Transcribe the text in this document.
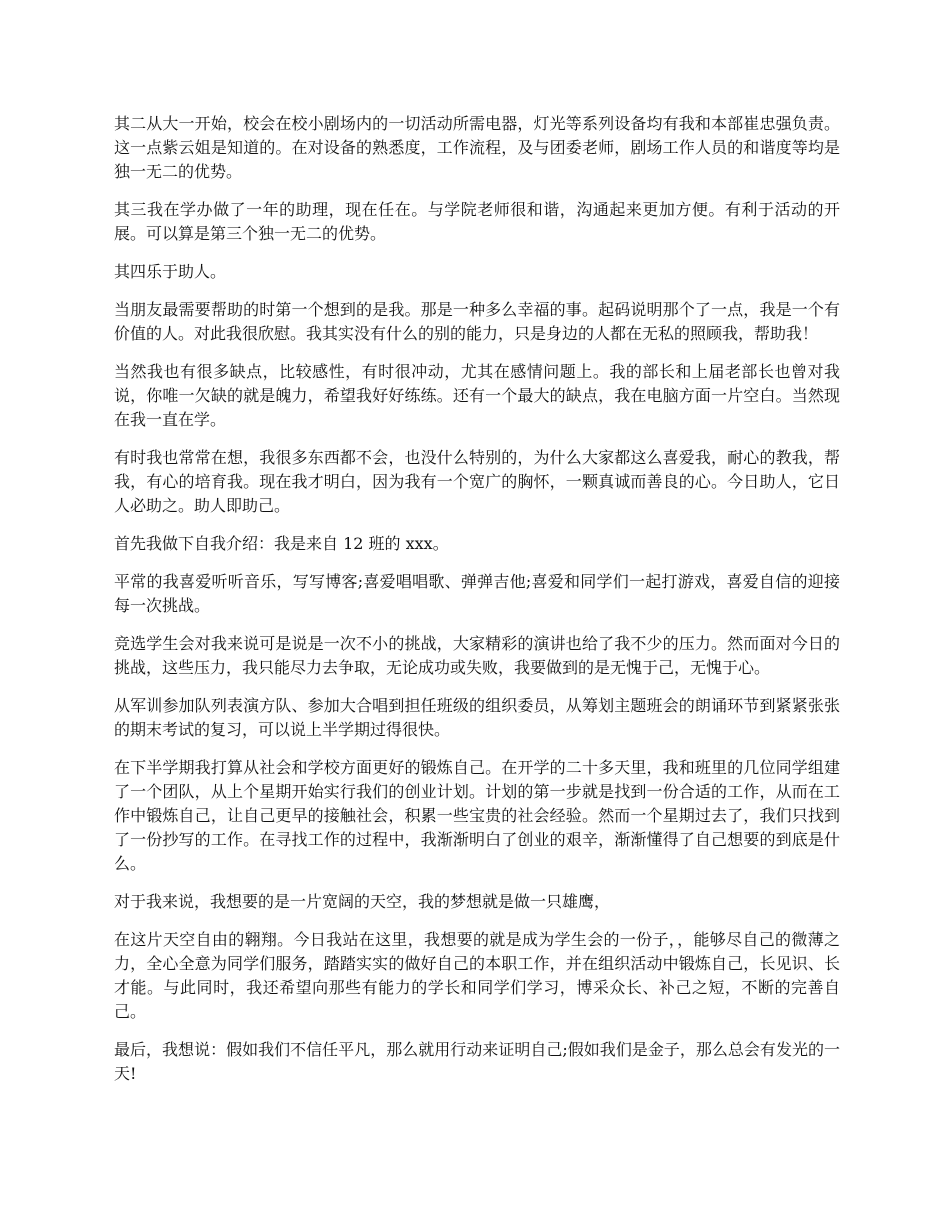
其二从大一开始，校会在校小剧场内的一切活动所需电器，灯光等系列设备均有我和本部崔忠强负责。这一点紫云姐是知道的。在对设备的熟悉度，工作流程，及与团委老师，剧场工作人员的和谐度等均是独一无二的优势。

其三我在学办做了一年的助理，现在任在。与学院老师很和谐，沟通起来更加方便。有利于活动的开展。可以算是第三个独一无二的优势。

其四乐于助人。

当朋友最需要帮助的时第一个想到的是我。那是一种多么幸福的事。起码说明那个了一点，我是一个有价值的人。对此我很欣慰。我其实没有什么的别的能力，只是身边的人都在无私的照顾我，帮助我！

当然我也有很多缺点，比较感性，有时很冲动，尤其在感情问题上。我的部长和上届老部长也曾对我说，你唯一欠缺的就是魄力，希望我好好练练。还有一个最大的缺点，我在电脑方面一片空白。当然现在我一直在学。

有时我也常常在想，我很多东西都不会，也没什么特别的，为什么大家都这么喜爱我，耐心的教我，帮我，有心的培育我。现在我才明白，因为我有一个宽广的胸怀，一颗真诚而善良的心。今日助人，它日人必助之。助人即助己。

首先我做下自我介绍：我是来自 12 班的 xxx。

平常的我喜爱听听音乐，写写博客;喜爱唱唱歌、弹弹吉他;喜爱和同学们一起打游戏，喜爱自信的迎接每一次挑战。

竞选学生会对我来说可是说是一次不小的挑战，大家精彩的演讲也给了我不少的压力。然而面对今日的挑战，这些压力，我只能尽力去争取，无论成功或失败，我要做到的是无愧于己，无愧于心。

从军训参加队列表演方队、参加大合唱到担任班级的组织委员，从筹划主题班会的朗诵环节到紧紧张张的期末考试的复习，可以说上半学期过得很快。

在下半学期我打算从社会和学校方面更好的锻炼自己。在开学的二十多天里，我和班里的几位同学组建了一个团队，从上个星期开始实行我们的创业计划。计划的第一步就是找到一份合适的工作，从而在工作中锻炼自己，让自己更早的接触社会，积累一些宝贵的社会经验。然而一个星期过去了，我们只找到了一份抄写的工作。在寻找工作的过程中，我渐渐明白了创业的艰辛，渐渐懂得了自己想要的到底是什么。

对于我来说，我想要的是一片宽阔的天空，我的梦想就是做一只雄鹰，

在这片天空自由的翱翔。今日我站在这里，我想要的就是成为学生会的一份子，，能够尽自己的微薄之力，全心全意为同学们服务，踏踏实实的做好自己的本职工作，并在组织活动中锻炼自己，长见识、长才能。与此同时，我还希望向那些有能力的学长和同学们学习，博采众长、补己之短，不断的完善自己。

最后，我想说：假如我们不信任平凡，那么就用行动来证明自己;假如我们是金子，那么总会有发光的一天!
